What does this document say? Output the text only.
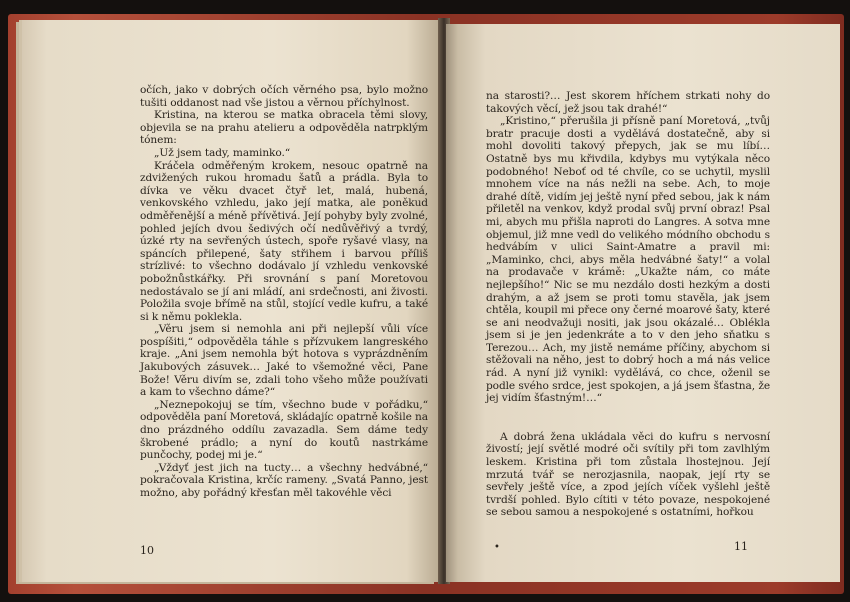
očích, jako v dobrých očích věrného psa, bylo možno tušiti oddanost nad vše jistou a věrnou příchylnost.

Kristina, na kterou se matka obracela těmi slovy, objevila se na prahu atelieru a odpověděla natrpklým tónem:

„Už jsem tady, maminko.“

Kráčela odměřeným krokem, nesouc opatrně na zdvižených rukou hromadu šatů a prádla. Byla to dívka ve věku dvacet čtyř let, malá, hubená, venkovského vzhledu, jako její matka, ale poněkud odměřenější a méně přívětivá. Její pohyby byly zvolné, pohled jejích dvou šedivých očí nedůvěřivý a tvrdý, úzké rty na sevřených ústech, spoře ryšavé vlasy, na spáncích přilepené, šaty střihem i barvou příliš strízlivé: to všechno dodávalo jí vzhledu venkovské pobožnůstkářky. Při srovnání s paní Moretovou nedostávalo se jí ani mládí, ani srdečnosti, ani živosti. Položila svoje břímě na stůl, stojící vedle kufru, a také si k němu poklekla.

„Věru jsem si nemohla ani při nejlepší vůli více pospíšiti,“ odpověděla táhle s přízvukem langreského kraje. „Ani jsem nemohla být hotova s vyprázdněním Jakubových zásuvek… Jaké to všemožné věci, Pane Bože! Věru divím se, zdali toho všeho může používati a kam to všechno dáme?“

„Neznepokojuj se tím, všechno bude v pořádku,“ odpověděla paní Moretová, skládajíc opatrně košile na dno prázdného oddílu zavazadla. Sem dáme tedy škrobené prádlo; a nyní do koutů nastrkáme punčochy, podej mi je.“

„Vždyť jest jich na tucty… a všechny hedvábné,“ pokračovala Kristina, krčíc rameny. „Svatá Panno, jest možno, aby pořádný křesťan měl takovéhle věci

10

na starosti?… Jest skorem hříchem strkati nohy do takových věcí, jež jsou tak drahé!“

„Kristino,“ přerušila ji přísně paní Moretová, „tvůj bratr pracuje dosti a vydělává dostatečně, aby si mohl dovoliti takový přepych, jak se mu líbí… Ostatně bys mu křivdila, kdybys mu vytýkala něco podobného! Neboť od té chvíle, co se uchytil, myslil mnohem více na nás nežli na sebe. Ach, to moje drahé dítě, vidím jej ještě nyní před sebou, jak k nám přiletěl na venkov, když prodal svůj první obraz! Psal mi, abych mu přišla naproti do Langres. A sotva mne objemul, již mne vedl do velikého módního obchodu s hedvábím v ulici Saint-Amatre a pravil mi: „Maminko, chci, abys měla hedvábné šaty!“ a volal na prodavače v krámě: „Ukažte nám, co máte nejlepšího!“ Nic se mu nezdálo dosti hezkým a dosti drahým, a až jsem se proti tomu stavěla, jak jsem chtěla, koupil mi přece ony černé moarové šaty, které se ani neodvažuji nositi, jak jsou okázalé… Oblékla jsem si je jen jedenkráte a to v den jeho sňatku s Terezou… Ach, my jistě nemáme příčiny, abychom si stěžovali na něho, jest to dobrý hoch a má nás velice rád. A nyní již vynikl: vydělává, co chce, oženil se podle svého srdce, jest spokojen, a já jsem šťastna, že jej vidím šťastným!…“

A dobrá žena ukládala věci do kufru s nervosní živostí; její světlé modré oči svítily při tom zavlhlým leskem. Kristina při tom zůstala lhostejnou. Její mrzutá tvář se nerozjasnila, naopak, její rty se sevřely ještě více, a zpod jejích víček vyšlehl ještě tvrdší pohled. Bylo cítiti v této povaze, nespokojené se sebou samou a nespokojené s ostatními, hořkou

•	11
